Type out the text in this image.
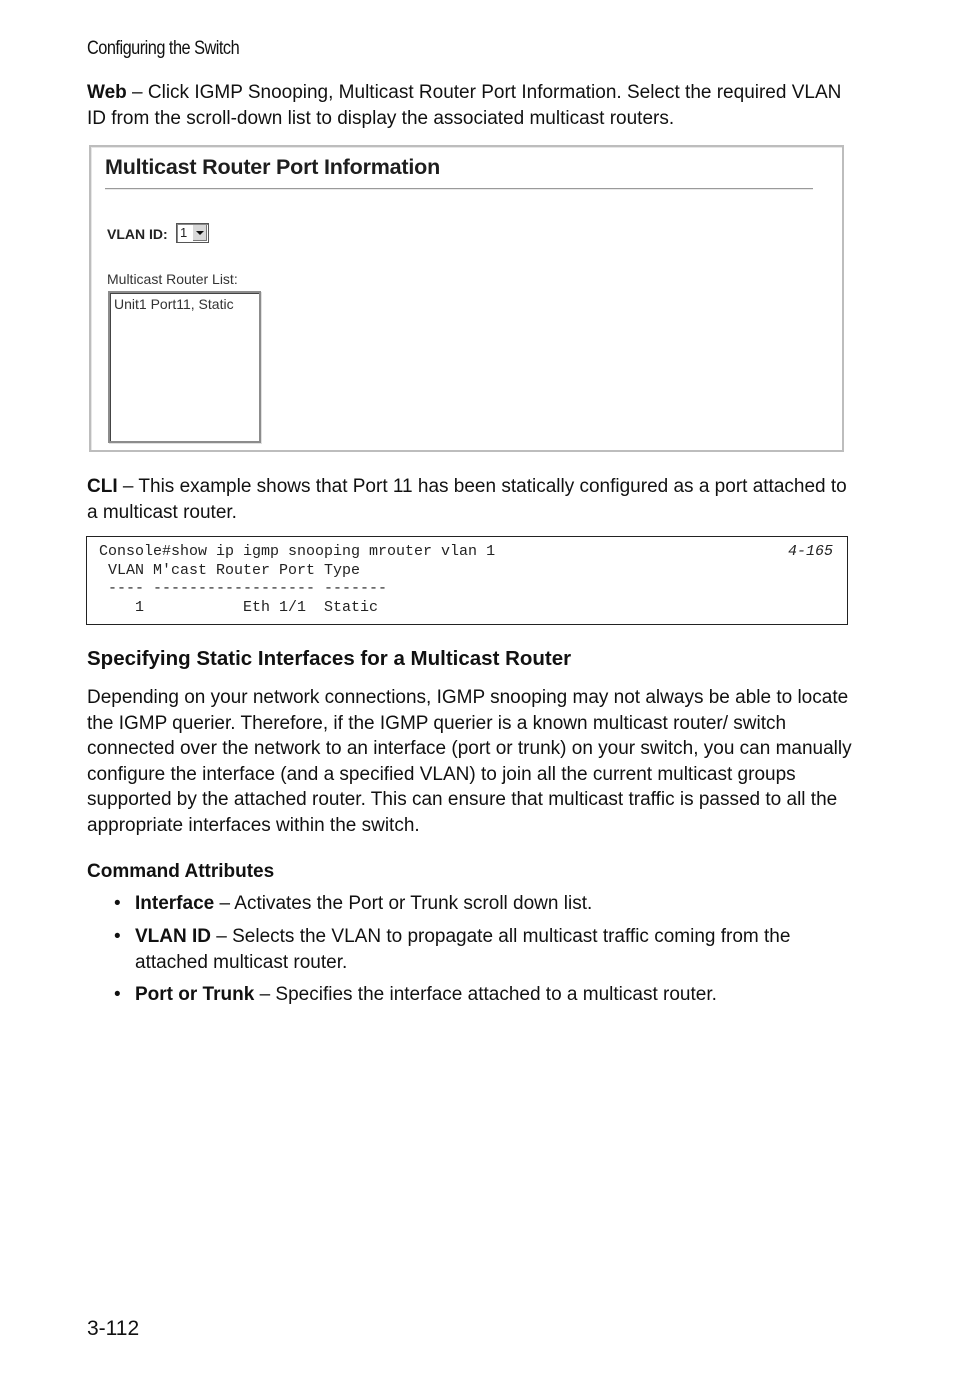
Configuring the Switch
Web – Click IGMP Snooping, Multicast Router Port Information. Select the required VLAN ID from the scroll-down list to display the associated multicast routers.
Multicast Router Port Information
VLAN ID: 1
Multicast Router List:
Unit1 Port11, Static
CLI – This example shows that Port 11 has been statically configured as a port attached to a multicast router.
Console#show ip igmp snooping mrouter vlan 1
VLAN M'cast Router Port Type
---- ------------------ -------
1           Eth 1/1  Static
4-165
Specifying Static Interfaces for a Multicast Router
Depending on your network connections, IGMP snooping may not always be able to locate the IGMP querier. Therefore, if the IGMP querier is a known multicast router/ switch connected over the network to an interface (port or trunk) on your switch, you can manually configure the interface (and a specified VLAN) to join all the current multicast groups supported by the attached router. This can ensure that multicast traffic is passed to all the appropriate interfaces within the switch.
Command Attributes
• Interface – Activates the Port or Trunk scroll down list.
• VLAN ID – Selects the VLAN to propagate all multicast traffic coming from the attached multicast router.
• Port or Trunk – Specifies the interface attached to a multicast router.
3-112
